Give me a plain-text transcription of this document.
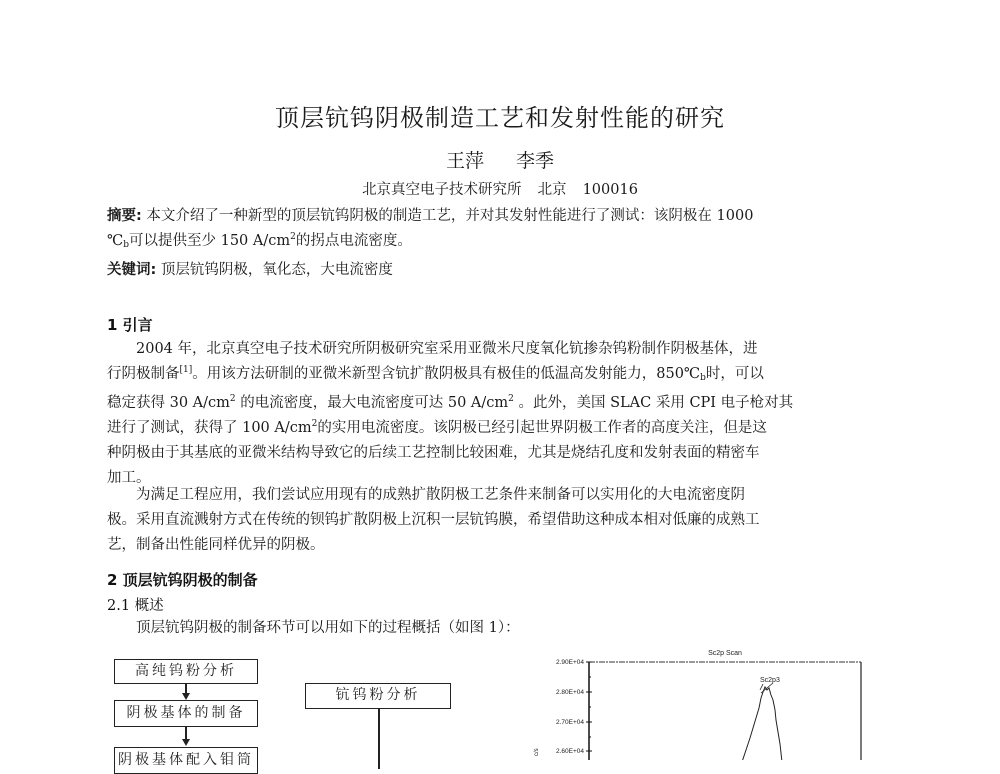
顶层钪钨阴极制造工艺和发射性能的研究
王萍 李季
北京真空电子技术研究所 北京 100016
摘要: 本文介绍了一种新型的顶层钪钨阴极的制造工艺，并对其发射性能进行了测试：该阴极在 1000
$℃_b$可以提供至少 150 $A/cm^2$的拐点电流密度。
关键词: 顶层钪钨阴极，氧化态，大电流密度
1 引言
2004 年，北京真空电子技术研究所阴极研究室采用亚微米尺度氧化钪掺杂钨粉制作阴极基体，进
行阴极制备[1]。用该方法研制的亚微米新型含钪扩散阴极具有极佳的低温高发射能力，$850℃_b$时，可以
稳定获得 30 $A/cm^2$ 的电流密度，最大电流密度可达 50 $A/cm^2$ 。此外，美国 SLAC 采用 CPI 电子枪对其
进行了测试，获得了 100 $A/cm^2$的实用电流密度。该阴极已经引起世界阴极工作者的高度关注，但是这
种阴极由于其基底的亚微米结构导致它的后续工艺控制比较困难，尤其是烧结孔度和发射表面的精密车
加工。
为满足工程应用，我们尝试应用现有的成熟扩散阴极工艺条件来制备可以实用化的大电流密度阴
极。采用直流溅射方式在传统的钡钨扩散阴极上沉积一层钪钨膜，希望借助这种成本相对低廉的成熟工
艺，制备出性能同样优异的阴极。
2 顶层钪钨阴极的制备
2.1 概述
顶层钪钨阴极的制备环节可以用如下的过程概括（如图 1）：
高纯钨粉分析
阴极基体的制备
阴极基体配入钼筒
钪钨粉分析
Sc2p Scan
2.90E+04
2.80E+04
2.70E+04
2.60E+04
c/s
Sc2p3
